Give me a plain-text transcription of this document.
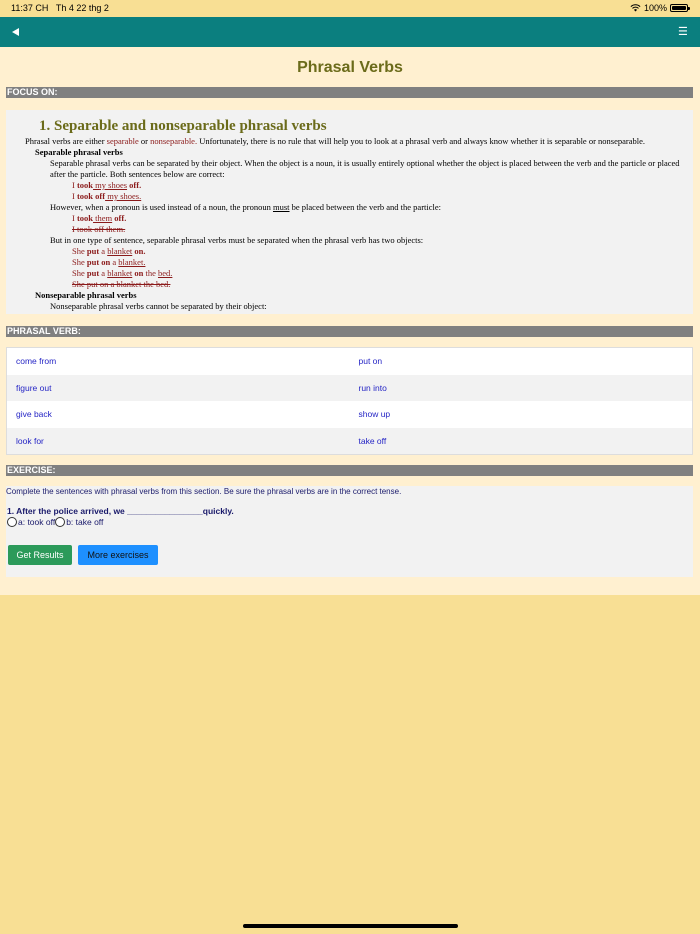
11:37 CH Th 4 22 thg 2	100%
☰
Phrasal Verbs
FOCUS ON:
1. Separable and nonseparable phrasal verbs
Phrasal verbs are either separable or nonseparable. Unfortunately, there is no rule that will help you to look at a phrasal verb and always know whether it is separable or nonseparable.
Separable phrasal verbs
Separable phrasal verbs can be separated by their object. When the object is a noun, it is usually entirely optional whether the object is placed between the verb and the particle or placed after the particle. Both sentences below are correct:
I took my shoes off.
I took off my shoes.
However, when a pronoun is used instead of a noun, the pronoun must be placed between the verb and the particle:
I took them off.
I took off them.
But in one type of sentence, separable phrasal verbs must be separated when the phrasal verb has two objects:
She put a blanket on.
She put on a blanket.
She put a blanket on the bed.
She put on a blanket the bed.
Nonseparable phrasal verbs
Nonseparable phrasal verbs cannot be separated by their object:
PHRASAL VERB:
come from	put on
figure out	run into
give back	show up
look for	take off
EXERCISE:
Complete the sentences with phrasal verbs from this section. Be sure the phrasal verbs are in the correct tense.
1. After the police arrived, we ________________quickly.
a: took off b: take off
Get Results	More exercises
